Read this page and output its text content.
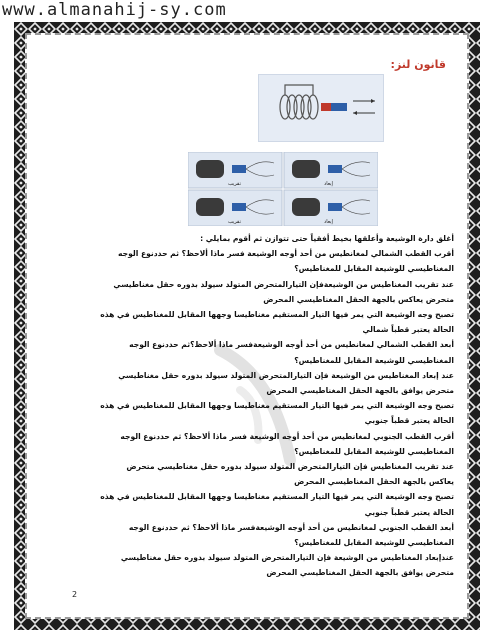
www.almanahij-sy.com
قانون لنز:
تقريب	إبعاد
تقريب	إبعاد

أغلق دارة الوشيعة وأعلقها بخيط أفقياً حتى تتوازن ثم أقوم بمايلي :

أقرب القطب الشمالي لمغانطيس من أحد أوجه الوشيعة فسر ماذا ألاحظ؟ ثم حددنوع الوجه

المغناطيسي للوشيعة المقابل للمغناطيس؟

عند تقريب المغناطيس من الوشيعةفإن التيارالمتحرض المتولد سيولد بدوره حقل مغناطيسي

متحرض يعاكس بالجهة الحقل المغناطيسي المحرض

تصبح وجه الوشيعة التي يمر فيها التيار المستقيم مغناطيسا وجهها المقابل للمغناطيس في هذه

الحالة يعتبر قطباً شمالي

أبعد القطب الشمالي لمغانطيس من أحد أوجه الوشيعةفسر ماذا ألاحظ؟ثم حددنوع الوجه

المغناطيسي للوشيعة المقابل للمغناطيس؟

عند إبعاد المغناطيس من الوشيعة فإن التيارالمتحرض المتولد سيولد بدوره حقل مغناطيسي

متحرض يوافق بالجهة الحقل المغناطيسي المحرض

تصبح وجه الوشيعة التي يمر فيها التيار المستقيم مغناطيسا وجهها المقابل للمغناطيس في هذه

الحالة يعتبر قطباً جنوبي

أقرب القطب الجنوبي لمغانطيس من أحد أوجه الوشيعة فسر ماذا ألاحظ؟ ثم حددنوع الوجه

المغناطيسي للوشيعة المقابل للمغناطيس؟

عند تقريب المغناطيس فإن التيارالمتحرض المتولد سيولد بدوره حقل مغناطيسي متحرض

يعاكس بالجهة الحقل المغناطيسي المحرض

تصبح وجه الوشيعة التي يمر فيها التيار المستقيم مغناطيسا وجهها المقابل للمغناطيس في هذه

الحالة يعتبر قطباً جنوبي

أبعد القطب الجنوبي لمغانطيس من أحد أوجه الوشيعةفسر ماذا ألاحظ؟ ثم حددنوع الوجه

المغناطيسي للوشيعة المقابل للمغناطيس؟

عندإبعاد المغناطيس من الوشيعة فإن التيارالمتحرض المتولد سيولد بدوره حقل مغناطيسي

متحرض يوافق بالجهة الحقل المغناطيسي المحرض

2
